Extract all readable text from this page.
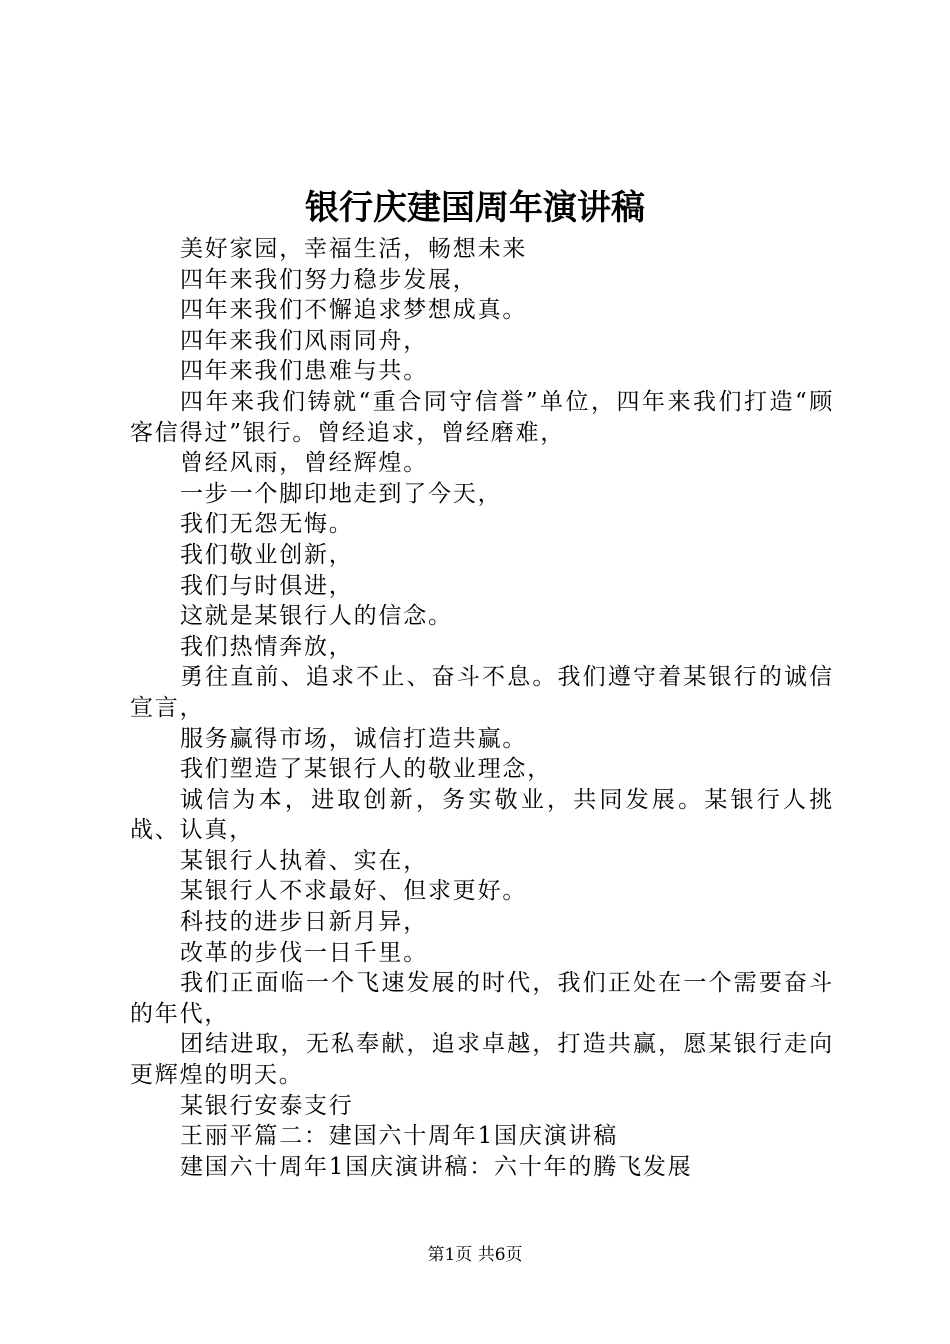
银行庆建国周年演讲稿

美好家园，幸福生活，畅想未来

四年来我们努力稳步发展，

四年来我们不懈追求梦想成真。

四年来我们风雨同舟，

四年来我们患难与共。

四年来我们铸就“重合同守信誉”单位，四年来我们打造“顾客信得过”银行。曾经追求，曾经磨难，

曾经风雨，曾经辉煌。

一步一个脚印地走到了今天，

我们无怨无悔。

我们敬业创新，

我们与时俱进，

这就是某银行人的信念。

我们热情奔放，

勇往直前、追求不止、奋斗不息。我们遵守着某银行的诚信宣言，

服务赢得市场，诚信打造共赢。

我们塑造了某银行人的敬业理念，

诚信为本，进取创新，务实敬业，共同发展。某银行人挑战、认真，

某银行人执着、实在，

某银行人不求最好、但求更好。

科技的进步日新月异，

改革的步伐一日千里。

我们正面临一个飞速发展的时代，我们正处在一个需要奋斗的年代，

团结进取，无私奉献，追求卓越，打造共赢，愿某银行走向更辉煌的明天。

某银行安泰支行

王丽平篇二：建国六十周年1国庆演讲稿

建国六十周年1国庆演讲稿：六十年的腾飞发展

第1页 共6页
